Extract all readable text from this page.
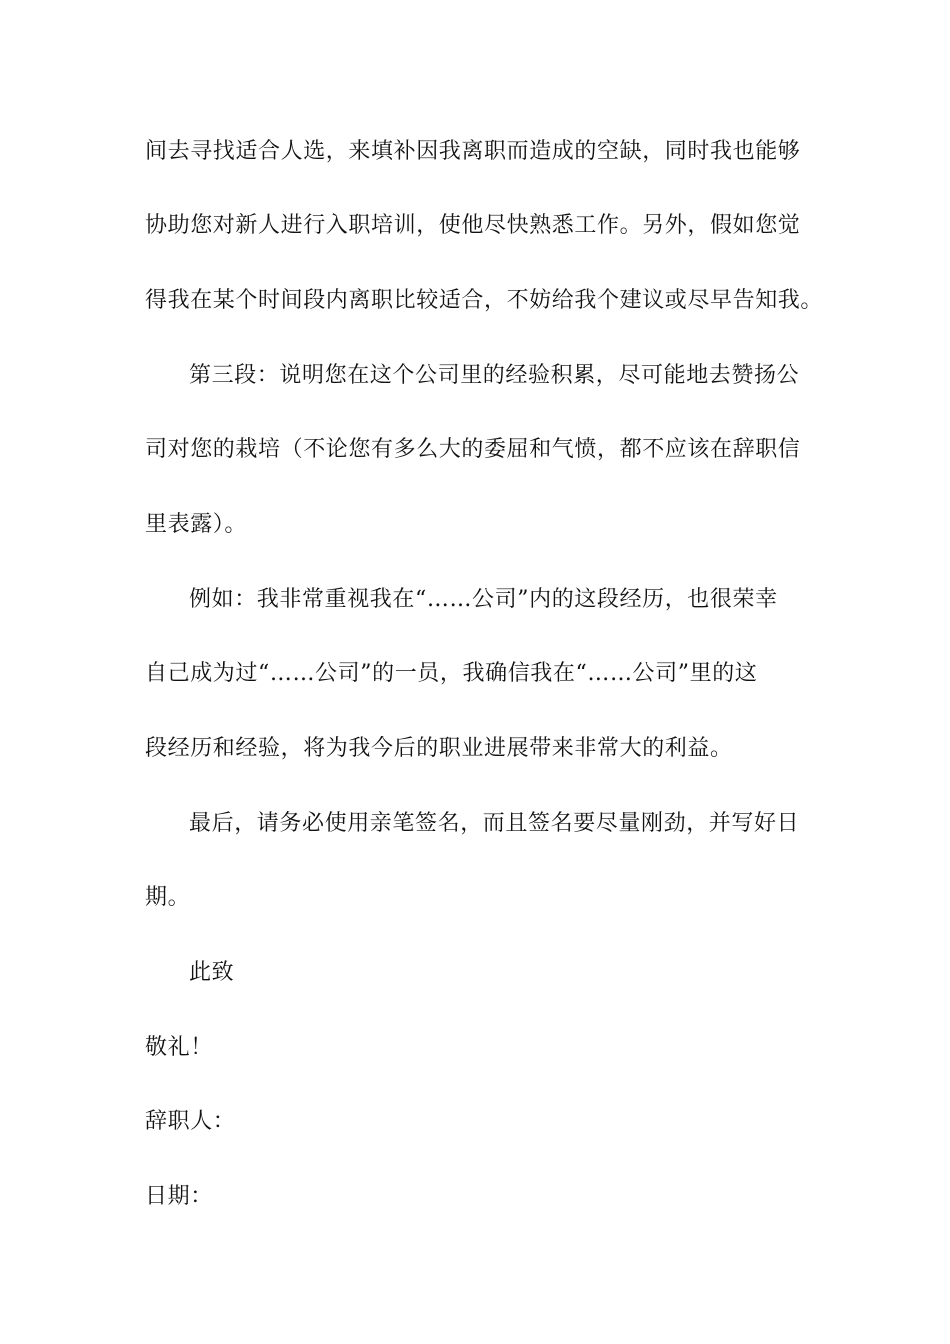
间去寻找适合人选，来填补因我离职而造成的空缺，同时我也能够
协助您对新人进行入职培训，使他尽快熟悉工作。另外，假如您觉
得我在某个时间段内离职比较适合，不妨给我个建议或尽早告知我。
第三段：说明您在这个公司里的经验积累，尽可能地去赞扬公
司对您的栽培（不论您有多么大的委屈和气愤，都不应该在辞职信
里表露）。
例如：我非常重视我在“……公司”内的这段经历，也很荣幸
自己成为过“……公司”的一员，我确信我在“……公司”里的这
段经历和经验，将为我今后的职业进展带来非常大的利益。
最后，请务必使用亲笔签名，而且签名要尽量刚劲，并写好日
期。
此致
敬礼！
辞职人：
日期：
